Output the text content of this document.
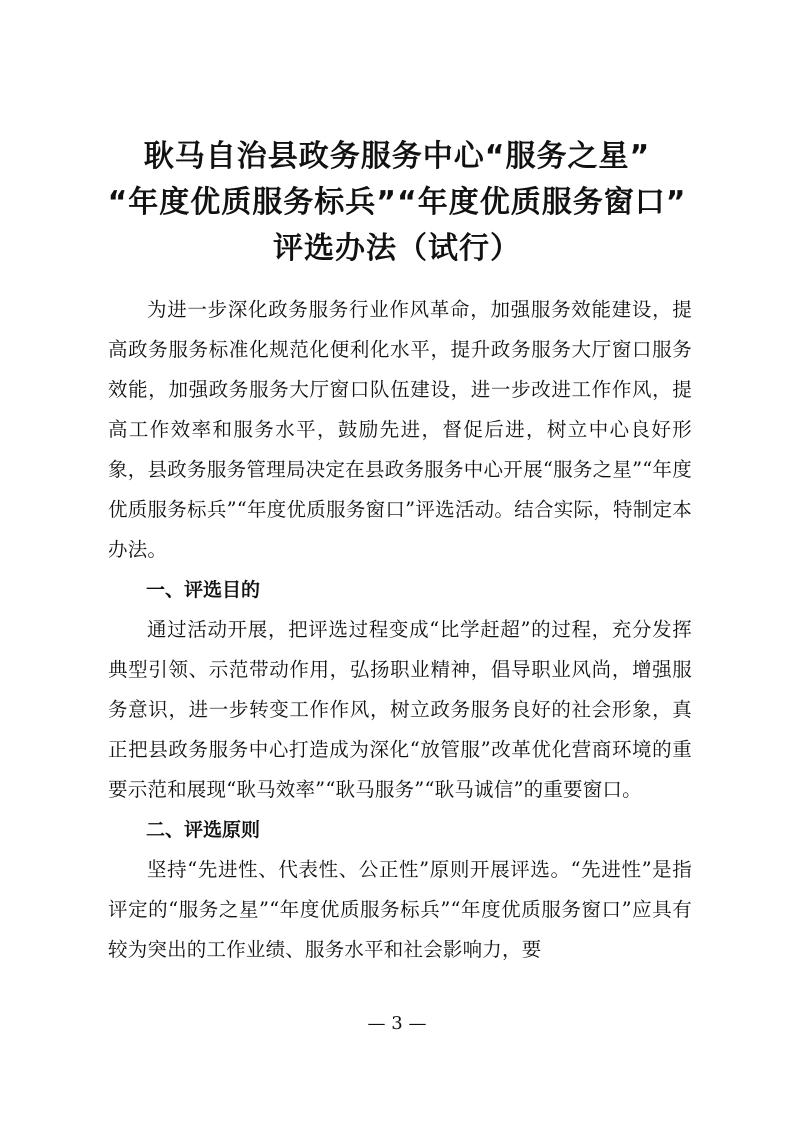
耿马自治县政务服务中心“服务之星”
“年度优质服务标兵”“年度优质服务窗口”
评选办法（试行）

为进一步深化政务服务行业作风革命，加强服务效能建设，提高政务服务标准化规范化便利化水平，提升政务服务大厅窗口服务效能，加强政务服务大厅窗口队伍建设，进一步改进工作作风，提高工作效率和服务水平，鼓励先进，督促后进，树立中心良好形象，县政务服务管理局决定在县政务服务中心开展“服务之星”“年度优质服务标兵”“年度优质服务窗口”评选活动。结合实际，特制定本办法。

一、评选目的

通过活动开展，把评选过程变成“比学赶超”的过程，充分发挥典型引领、示范带动作用，弘扬职业精神，倡导职业风尚，增强服务意识，进一步转变工作作风，树立政务服务良好的社会形象，真正把县政务服务中心打造成为深化“放管服”改革优化营商环境的重要示范和展现“耿马效率”“耿马服务”“耿马诚信”的重要窗口。

二、评选原则

坚持“先进性、代表性、公正性”原则开展评选。“先进性”是指评定的“服务之星”“年度优质服务标兵”“年度优质服务窗口”应具有较为突出的工作业绩、服务水平和社会影响力，要

— 3 —
